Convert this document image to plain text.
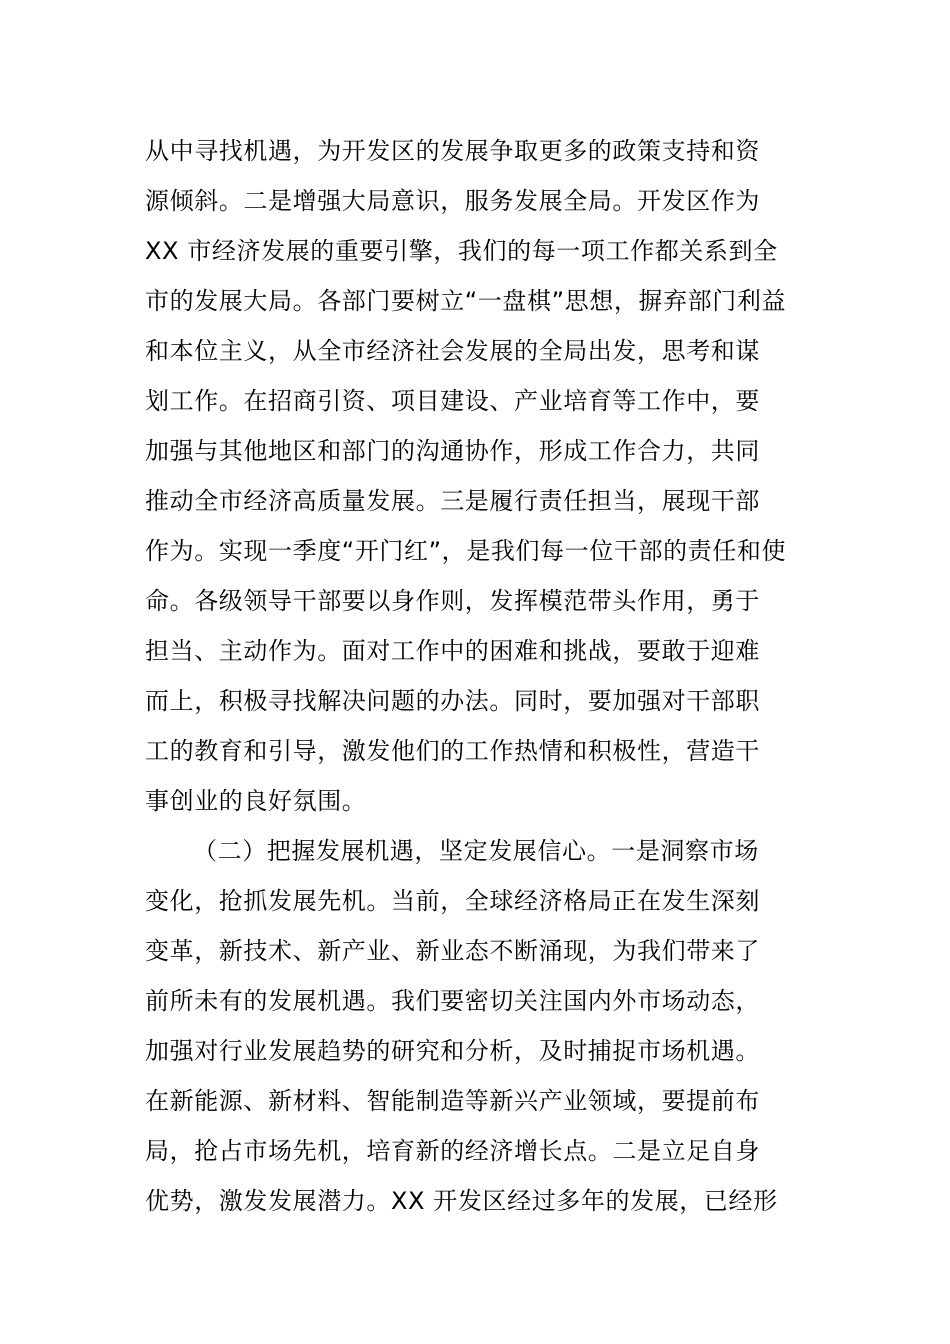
从中寻找机遇，为开发区的发展争取更多的政策支持和资
源倾斜。二是增强大局意识，服务发展全局。开发区作为
XX 市经济发展的重要引擎，我们的每一项工作都关系到全
市的发展大局。各部门要树立“一盘棋”思想，摒弃部门利益
和本位主义，从全市经济社会发展的全局出发，思考和谋
划工作。在招商引资、项目建设、产业培育等工作中，要
加强与其他地区和部门的沟通协作，形成工作合力，共同
推动全市经济高质量发展。三是履行责任担当，展现干部
作为。实现一季度“开门红”，是我们每一位干部的责任和使
命。各级领导干部要以身作则，发挥模范带头作用，勇于
担当、主动作为。面对工作中的困难和挑战，要敢于迎难
而上，积极寻找解决问题的办法。同时，要加强对干部职
工的教育和引导，激发他们的工作热情和积极性，营造干
事创业的良好氛围。
（二）把握发展机遇，坚定发展信心。一是洞察市场
变化，抢抓发展先机。当前，全球经济格局正在发生深刻
变革，新技术、新产业、新业态不断涌现，为我们带来了
前所未有的发展机遇。我们要密切关注国内外市场动态，
加强对行业发展趋势的研究和分析，及时捕捉市场机遇。
在新能源、新材料、智能制造等新兴产业领域，要提前布
局，抢占市场先机，培育新的经济增长点。二是立足自身
优势，激发发展潜力。XX 开发区经过多年的发展，已经形
